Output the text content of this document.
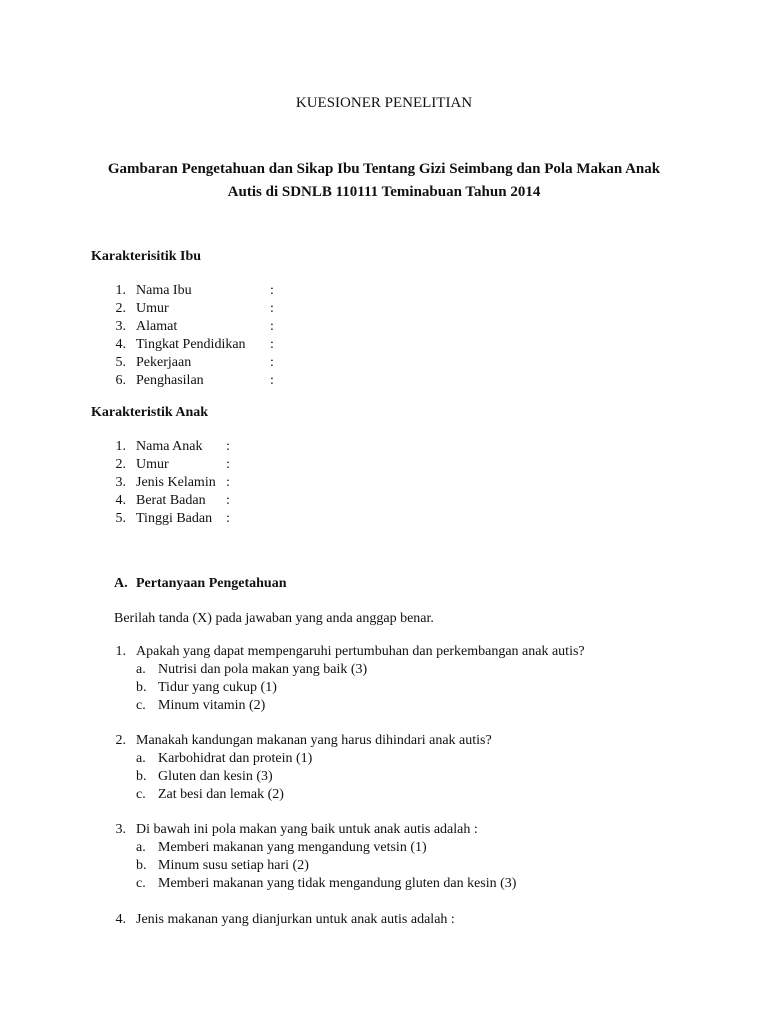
KUESIONER PENELITIAN
Gambaran Pengetahuan dan Sikap Ibu Tentang Gizi Seimbang dan Pola Makan Anak
Autis di SDNLB 110111 Teminabuan Tahun 2014
Karakterisitik Ibu
1. Nama Ibu	:
2. Umur	:
3. Alamat	:
4. Tingkat Pendidikan :
5. Pekerjaan	:
6. Penghasilan	:
Karakteristik Anak
1. Nama Anak :
2. Umur	:
3. Jenis Kelamin :
4. Berat Badan :
5. Tinggi Badan :
A. Pertanyaan Pengetahuan
Berilah tanda (X) pada jawaban yang anda anggap benar.
1. Apakah yang dapat mempengaruhi pertumbuhan dan perkembangan anak autis?
a. Nutrisi dan pola makan yang baik (3)
b. Tidur yang cukup (1)
c. Minum vitamin (2)
2. Manakah kandungan makanan yang harus dihindari anak autis?
a. Karbohidrat dan protein (1)
b. Gluten dan kesin (3)
c. Zat besi dan lemak (2)
3. Di bawah ini pola makan yang baik untuk anak autis adalah :
a. Memberi makanan yang mengandung vetsin (1)
b. Minum susu setiap hari (2)
c. Memberi makanan yang tidak mengandung gluten dan kesin (3)
4. Jenis makanan yang dianjurkan untuk anak autis adalah :
